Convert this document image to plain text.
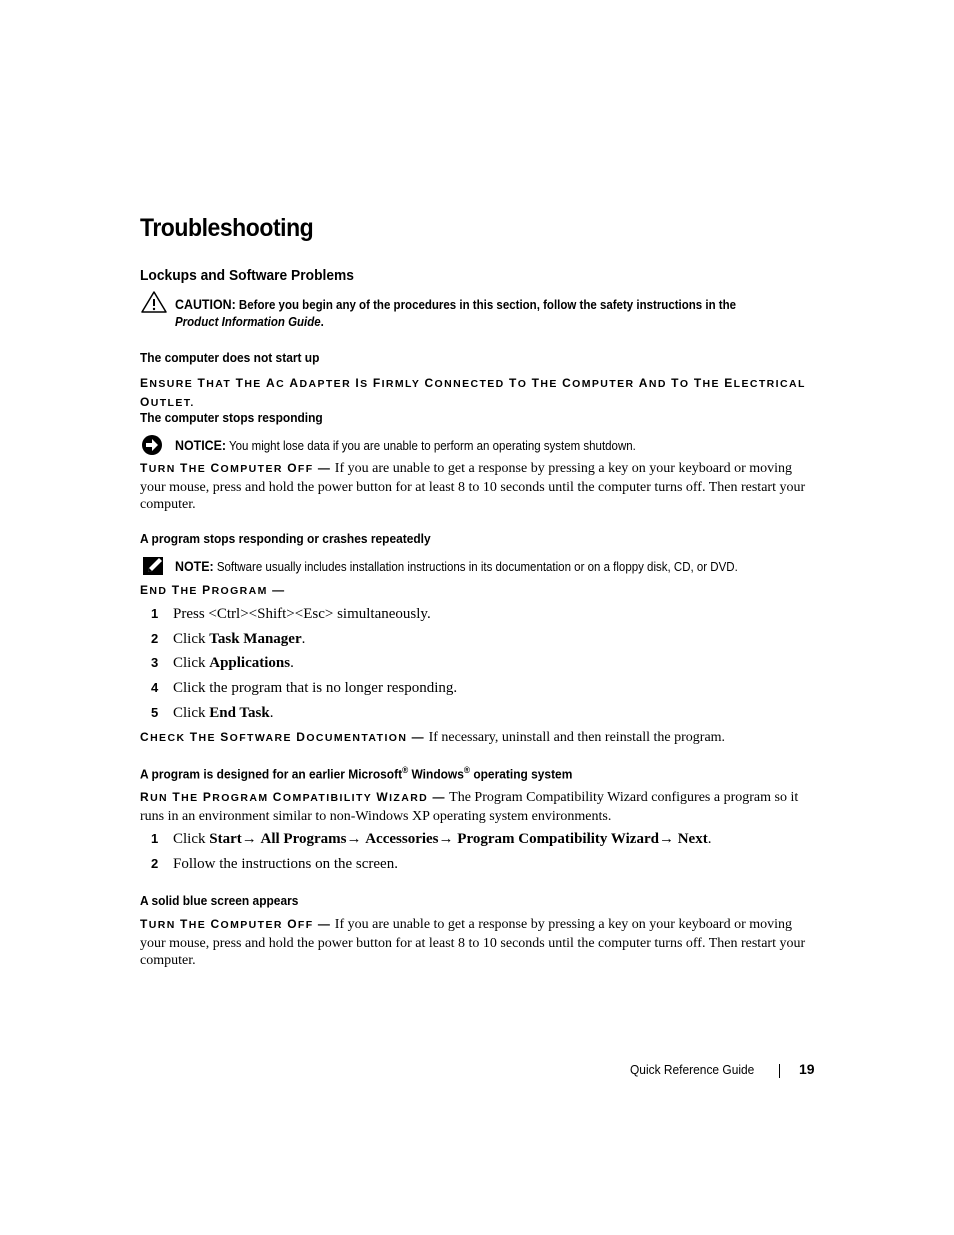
Troubleshooting
Lockups and Software Problems
CAUTION: Before you begin any of the procedures in this section, follow the safety instructions in the
Product Information Guide.
The computer does not start up
ENSURE THAT THE AC ADAPTER IS FIRMLY CONNECTED TO THE COMPUTER AND TO THE ELECTRICAL OUTLET.
The computer stops responding
NOTICE: You might lose data if you are unable to perform an operating system shutdown.
TURN THE COMPUTER OFF — If you are unable to get a response by pressing a key on your keyboard or moving your mouse, press and hold the power button for at least 8 to 10 seconds until the computer turns off. Then restart your computer.
A program stops responding or crashes repeatedly
NOTE: Software usually includes installation instructions in its documentation or on a floppy disk, CD, or DVD.
END THE PROGRAM —
1 Press <Ctrl><Shift><Esc> simultaneously.
2 Click Task Manager.
3 Click Applications.
4 Click the program that is no longer responding.
5 Click End Task.
CHECK THE SOFTWARE DOCUMENTATION — If necessary, uninstall and then reinstall the program.
A program is designed for an earlier Microsoft® Windows® operating system
RUN THE PROGRAM COMPATIBILITY WIZARD — The Program Compatibility Wizard configures a program so it runs in an environment similar to non-Windows XP operating system environments.
1 Click Start→ All Programs→ Accessories→ Program Compatibility Wizard→ Next.
2 Follow the instructions on the screen.
A solid blue screen appears
TURN THE COMPUTER OFF — If you are unable to get a response by pressing a key on your keyboard or moving your mouse, press and hold the power button for at least 8 to 10 seconds until the computer turns off. Then restart your computer.
Quick Reference Guide	19
